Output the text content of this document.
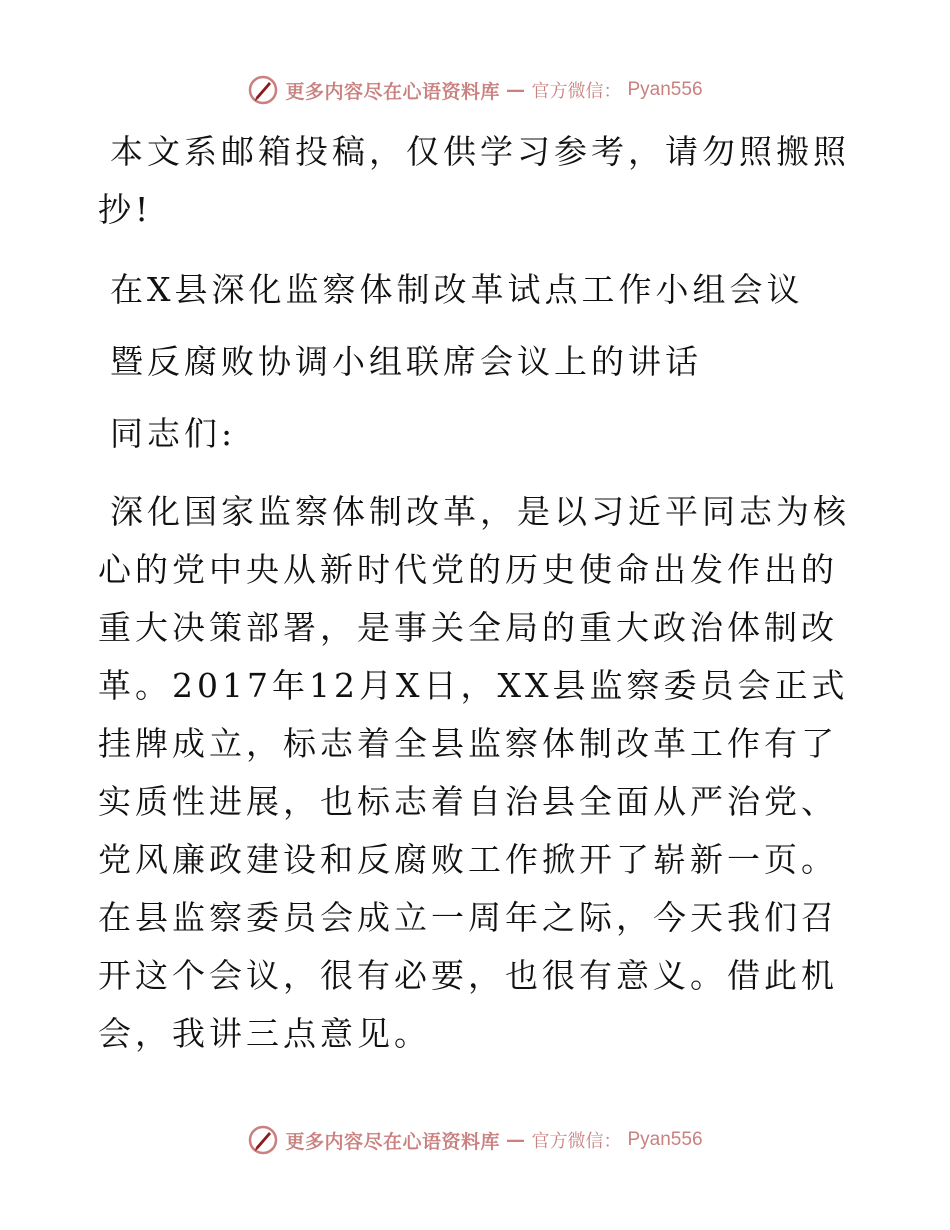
更多内容尽在心语资料库 — 官方微信： Pyan556

本文系邮箱投稿，仅供学习参考，请勿照搬照抄!

在X县深化监察体制改革试点工作小组会议

暨反腐败协调小组联席会议上的讲话

同志们:

深化国家监察体制改革，是以习近平同志为核心的党中央从新时代党的历史使命出发作出的重大决策部署，是事关全局的重大政治体制改革。2017年12月X日，XX县监察委员会正式挂牌成立，标志着全县监察体制改革工作有了实质性进展，也标志着自治县全面从严治党、党风廉政建设和反腐败工作掀开了崭新一页。在县监察委员会成立一周年之际，今天我们召开这个会议，很有必要，也很有意义。借此机会，我讲三点意见。

更多内容尽在心语资料库 — 官方微信： Pyan556
